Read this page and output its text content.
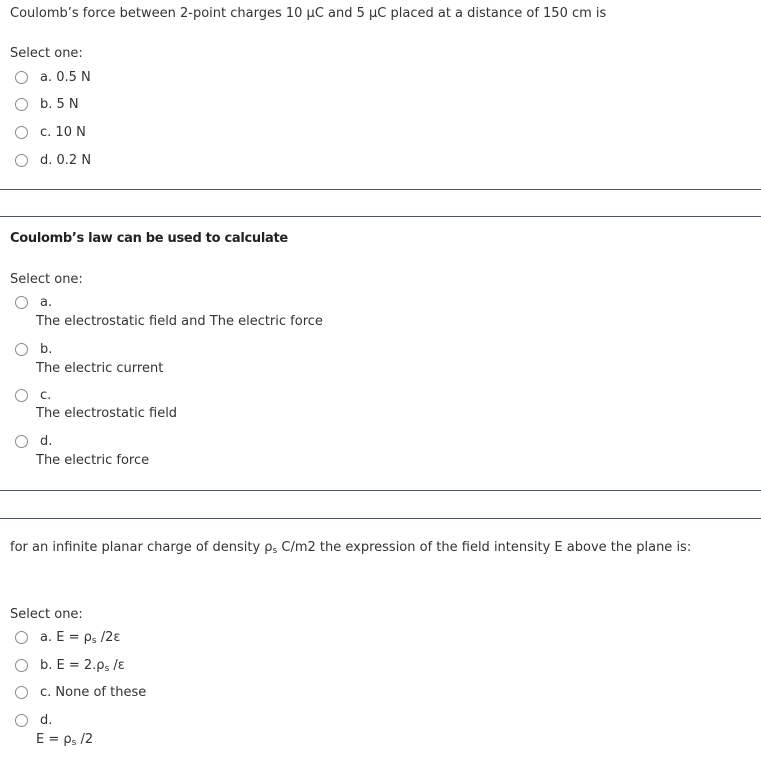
Coulomb’s force between 2-point charges 10 μC and 5 μC placed at a distance of 150 cm is
Select one:
a. 0.5 N
b. 5 N
c. 10 N
d. 0.2 N
Coulomb’s law can be used to calculate
Select one:
a.
The electrostatic field and The electric force
b.
The electric current
c.
The electrostatic field
d.
The electric force
for an infinite planar charge of density $\rho_s$ C/m2 the expression of the field intensity E above the plane is:
Select one:
a. $E = \rho_s$ /2ε
b. $E = 2.\rho_s$ /ε
c. None of these
d.
$E = \rho_s$ /2
